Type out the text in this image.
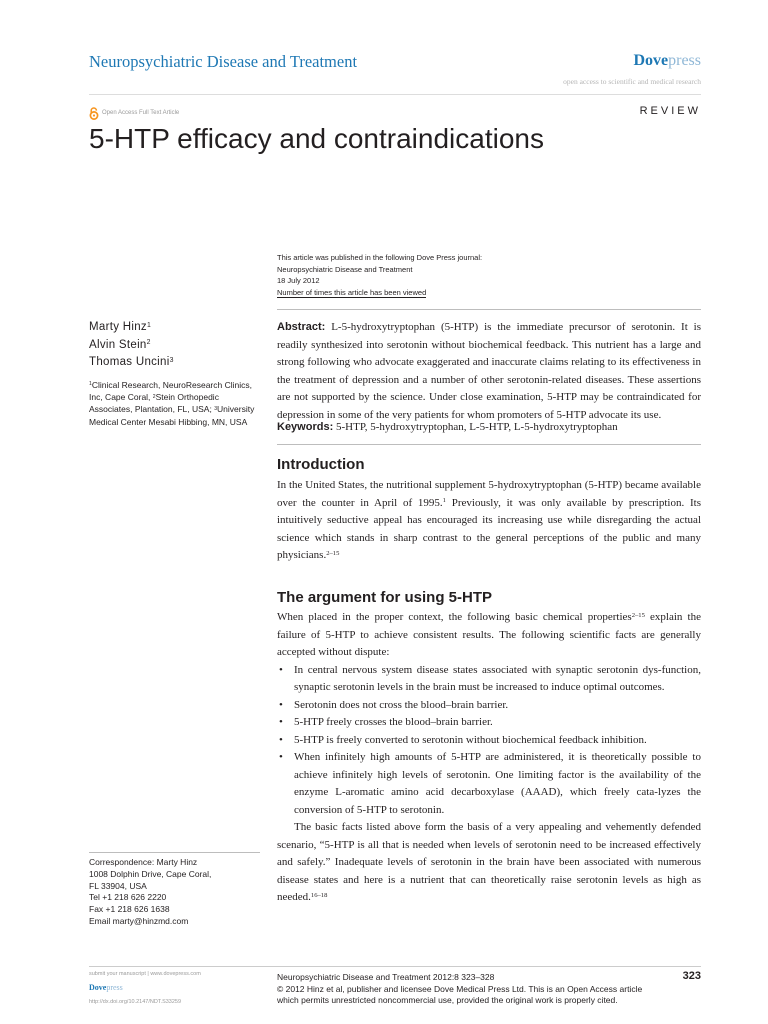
Neuropsychiatric Disease and Treatment	Dovepress
open access to scientific and medical research
Open Access Full Text Article	REVIEW
5-HTP efficacy and contraindications
This article was published in the following Dove Press journal:
Neuropsychiatric Disease and Treatment
18 July 2012
Number of times this article has been viewed
Marty Hinz$^1$
Alvin Stein$^2$
Thomas Uncini$^3$
$^1$Clinical Research, NeuroResearch Clinics, Inc, Cape Coral, $^2$Stein Orthopedic Associates, Plantation, FL, USA; $^3$University Medical Center Mesabi Hibbing, MN, USA
Abstract: L-5-hydroxytryptophan (5-HTP) is the immediate precursor of serotonin. It is readily synthesized into serotonin without biochemical feedback. This nutrient has a large and strong following who advocate exaggerated and inaccurate claims relating to its effectiveness in the treatment of depression and a number of other serotonin-related diseases. These assertions are not supported by the science. Under close examination, 5-HTP may be contraindicated for depression in some of the very patients for whom promoters of 5-HTP advocate its use.
Keywords: 5-HTP, 5-hydroxytryptophan, L-5-HTP, L-5-hydroxytryptophan
Introduction
In the United States, the nutritional supplement 5-hydroxytryptophan (5-HTP) became available over the counter in April of 1995.$^1$ Previously, it was only available by prescription. Its intuitively seductive appeal has encouraged its increasing use while disregarding the actual science which stands in sharp contrast to the general perceptions of the public and many physicians.$^{2-15}$
The argument for using 5-HTP
When placed in the proper context, the following basic chemical properties$^{2-15}$ explain the failure of 5-HTP to achieve consistent results. The following scientific facts are generally accepted without dispute:
• In central nervous system disease states associated with synaptic serotonin dys-function, synaptic serotonin levels in the brain must be increased to induce optimal outcomes.
• Serotonin does not cross the blood–brain barrier.
• 5-HTP freely crosses the blood–brain barrier.
• 5-HTP is freely converted to serotonin without biochemical feedback inhibition.
• When infinitely high amounts of 5-HTP are administered, it is theoretically possible to achieve infinitely high levels of serotonin. One limiting factor is the availability of the enzyme L-aromatic amino acid decarboxylase (AAAD), which freely cata-lyzes the conversion of 5-HTP to serotonin.
The basic facts listed above form the basis of a very appealing and vehemently defended scenario, “5-HTP is all that is needed when levels of serotonin need to be increased effectively and safely.” Inadequate levels of serotonin in the brain have been associated with numerous disease states and here is a nutrient that can theoretically raise serotonin levels as high as needed.$^{16-18}$
Correspondence: Marty Hinz
1008 Dolphin Drive, Cape Coral,
FL 33904, USA
Tel +1 218 626 2220
Fax +1 218 626 1638
Email marty@hinzmd.com
submit your manuscript | www.dovepress.com
Dovepress
http://dx.doi.org/10.2147/NDT.S33259
Neuropsychiatric Disease and Treatment 2012:8 323–328
© 2012 Hinz et al, publisher and licensee Dove Medical Press Ltd. This is an Open Access article
which permits unrestricted noncommercial use, provided the original work is properly cited.
323
